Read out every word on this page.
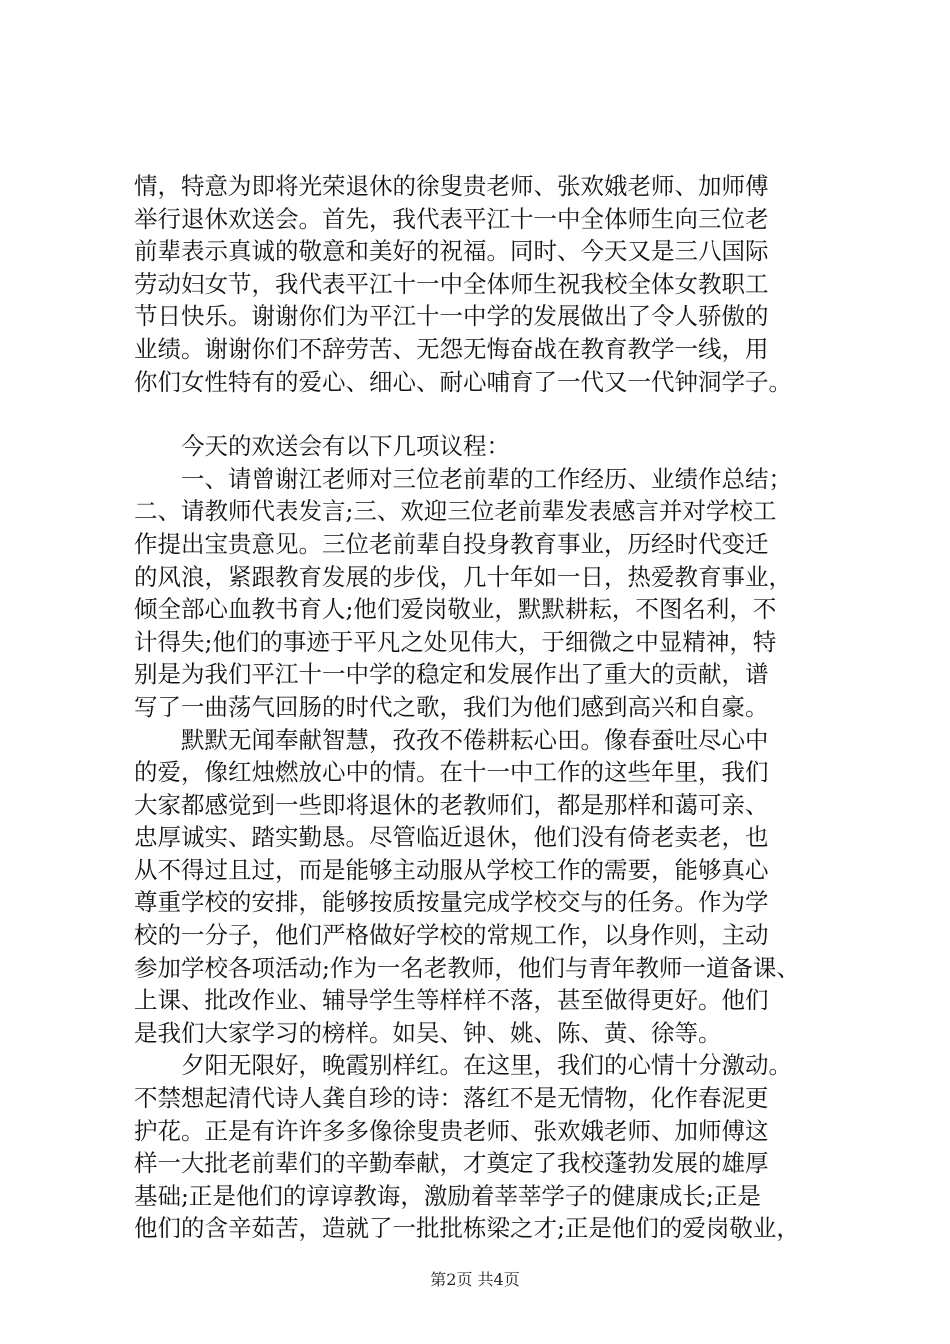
情，特意为即将光荣退休的徐叟贵老师、张欢娥老师、加师傅
举行退休欢送会。首先，我代表平江十一中全体师生向三位老
前辈表示真诚的敬意和美好的祝福。同时、今天又是三八国际
劳动妇女节，我代表平江十一中全体师生祝我校全体女教职工
节日快乐。谢谢你们为平江十一中学的发展做出了令人骄傲的
业绩。谢谢你们不辞劳苦、无怨无悔奋战在教育教学一线，用
你们女性特有的爱心、细心、耐心哺育了一代又一代钟洞学子。
　　今天的欢送会有以下几项议程：
　　一、请曾谢江老师对三位老前辈的工作经历、业绩作总结；
二、请教师代表发言;三、欢迎三位老前辈发表感言并对学校工
作提出宝贵意见。三位老前辈自投身教育事业，历经时代变迁
的风浪，紧跟教育发展的步伐，几十年如一日，热爱教育事业，
倾全部心血教书育人;他们爱岗敬业，默默耕耘，不图名利，不
计得失;他们的事迹于平凡之处见伟大，于细微之中显精神，特
别是为我们平江十一中学的稳定和发展作出了重大的贡献，谱
写了一曲荡气回肠的时代之歌，我们为他们感到高兴和自豪。
　　默默无闻奉献智慧，孜孜不倦耕耘心田。像春蚕吐尽心中
的爱，像红烛燃放心中的情。在十一中工作的这些年里，我们
大家都感觉到一些即将退休的老教师们，都是那样和蔼可亲、
忠厚诚实、踏实勤恳。尽管临近退休，他们没有倚老卖老，也
从不得过且过，而是能够主动服从学校工作的需要，能够真心
尊重学校的安排，能够按质按量完成学校交与的任务。作为学
校的一分子，他们严格做好学校的常规工作，以身作则，主动
参加学校各项活动;作为一名老教师，他们与青年教师一道备课、
上课、批改作业、辅导学生等样样不落，甚至做得更好。他们
是我们大家学习的榜样。如吴、钟、姚、陈、黄、徐等。
　　夕阳无限好，晚霞别样红。在这里，我们的心情十分激动。
不禁想起清代诗人龚自珍的诗：落红不是无情物，化作春泥更
护花。正是有许许多多像徐叟贵老师、张欢娥老师、加师傅这
样一大批老前辈们的辛勤奉献，才奠定了我校蓬勃发展的雄厚
基础;正是他们的谆谆教诲，激励着莘莘学子的健康成长;正是
他们的含辛茹苦，造就了一批批栋梁之才;正是他们的爱岗敬业，
第2页 共4页
